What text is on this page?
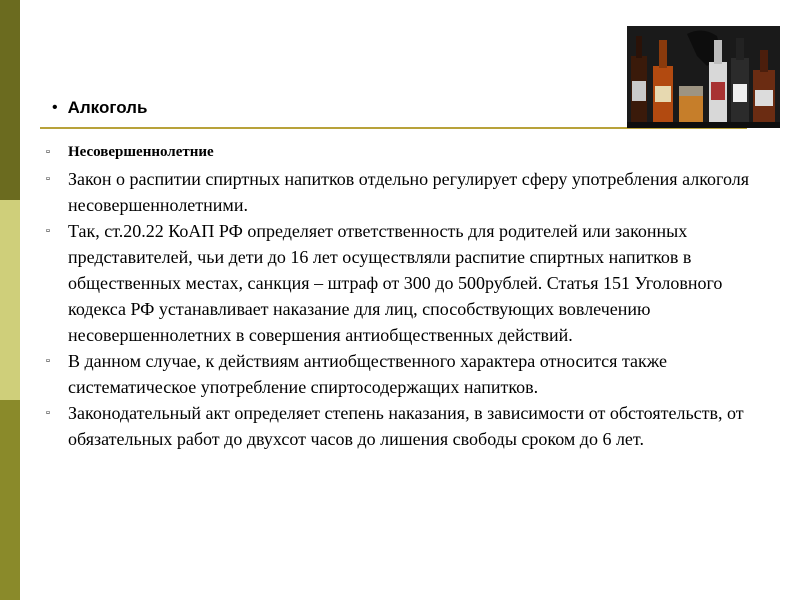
• Алкоголь
▫	Несовершеннолетние
▫	Закон о распитии спиртных напитков отдельно регулирует сферу употребления алкоголя несовершеннолетними.
▫	Так, ст.20.22 КоАП РФ определяет ответственность для родителей или законных представителей, чьи дети до 16 лет осуществляли распитие спиртных напитков в общественных местах, санкция – штраф от 300 до 500рублей. Статья 151 Уголовного кодекса РФ устанавливает наказание для лиц, способствующих вовлечению несовершеннолетних в совершения антиобщественных действий.
▫	В данном случае, к действиям антиобщественного характера относится также систематическое употребление спиртосодержащих напитков.
▫	Законодательный акт определяет степень наказания, в зависимости от обстоятельств, от обязательных работ до двухсот часов до лишения свободы сроком до 6 лет.
